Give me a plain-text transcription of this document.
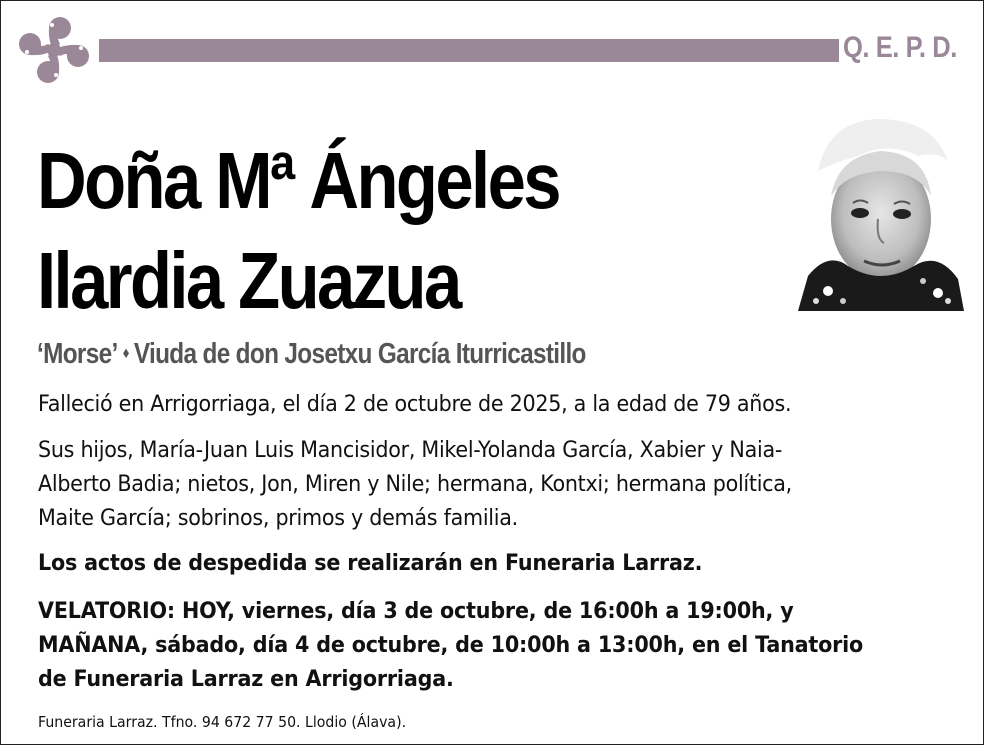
Q. E. P. D.
Doña Mª Ángeles
Ilardia Zuazua
‘Morse’ ♦ Viuda de don Josetxu García Iturricastillo
Falleció en Arrigorriaga, el día 2 de octubre de 2025, a la edad de 79 años.
Sus hijos, María-Juan Luis Mancisidor, Mikel-Yolanda García, Xabier y Naia-
Alberto Badia; nietos, Jon, Miren y Nile; hermana, Kontxi; hermana política,
Maite García; sobrinos, primos y demás familia.
Los actos de despedida se realizarán en Funeraria Larraz.
VELATORIO: HOY, viernes, día 3 de octubre, de 16:00h a 19:00h, y
MAÑANA, sábado, día 4 de octubre, de 10:00h a 13:00h, en el Tanatorio
de Funeraria Larraz en Arrigorriaga.
Funeraria Larraz. Tfno. 94 672 77 50. Llodio (Álava).
